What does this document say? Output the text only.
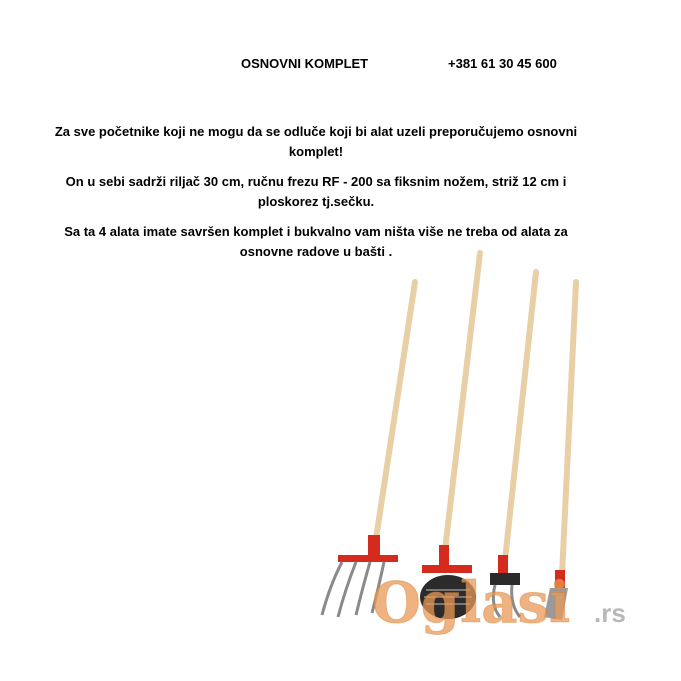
OSNOVNI KOMPLET	+381 61 30 45 600

Za sve početnike koji ne mogu da se odluče koji bi alat uzeli preporučujemo osnovni komplet!

On u sebi sadrži riljač 30 cm, ručnu frezu RF - 200 sa fiksnim nožem, striž 12 cm i ploskorez tj.sečku.

Sa ta 4 alata imate savršen komplet i bukvalno vam ništa više ne treba od alata za osnovne radove u bašti .

Oglasi .rs
